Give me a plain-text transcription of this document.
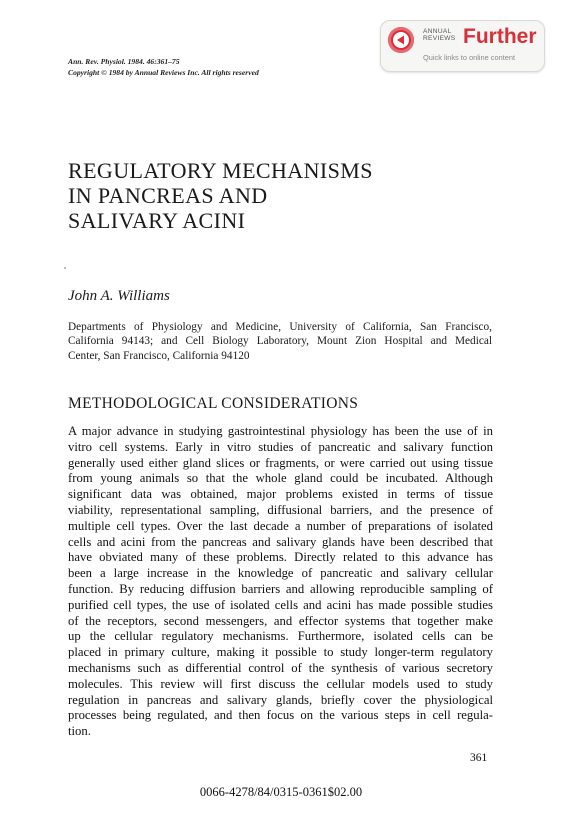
Ann. Rev. Physiol. 1984. 46:361–75
Copyright © 1984 by Annual Reviews Inc. All rights reserved
ANNUAL
REVIEWS Further
Quick links to online content
REGULATORY MECHANISMS
IN PANCREAS AND
SALIVARY ACINI
John A. Williams
Departments of Physiology and Medicine, University of California, San Francisco,
California 94143; and Cell Biology Laboratory, Mount Zion Hospital and Medical
Center, San Francisco, California 94120
METHODOLOGICAL CONSIDERATIONS
A major advance in studying gastrointestinal physiology has been the use of in
vitro cell systems. Early in vitro studies of pancreatic and salivary function
generally used either gland slices or fragments, or were carried out using tissue
from young animals so that the whole gland could be incubated. Although
significant data was obtained, major problems existed in terms of tissue
viability, representational sampling, diffusional barriers, and the presence of
multiple cell types. Over the last decade a number of preparations of isolated
cells and acini from the pancreas and salivary glands have been described that
have obviated many of these problems. Directly related to this advance has
been a large increase in the knowledge of pancreatic and salivary cellular
function. By reducing diffusion barriers and allowing reproducible sampling of
purified cell types, the use of isolated cells and acini has made possible studies
of the receptors, second messengers, and effector systems that together make
up the cellular regulatory mechanisms. Furthermore, isolated cells can be
placed in primary culture, making it possible to study longer-term regulatory
mechanisms such as differential control of the synthesis of various secretory
molecules. This review will first discuss the cellular models used to study
regulation in pancreas and salivary glands, briefly cover the physiological
processes being regulated, and then focus on the various steps in cell regula-
tion.
361
0066-4278/84/0315-0361$02.00
